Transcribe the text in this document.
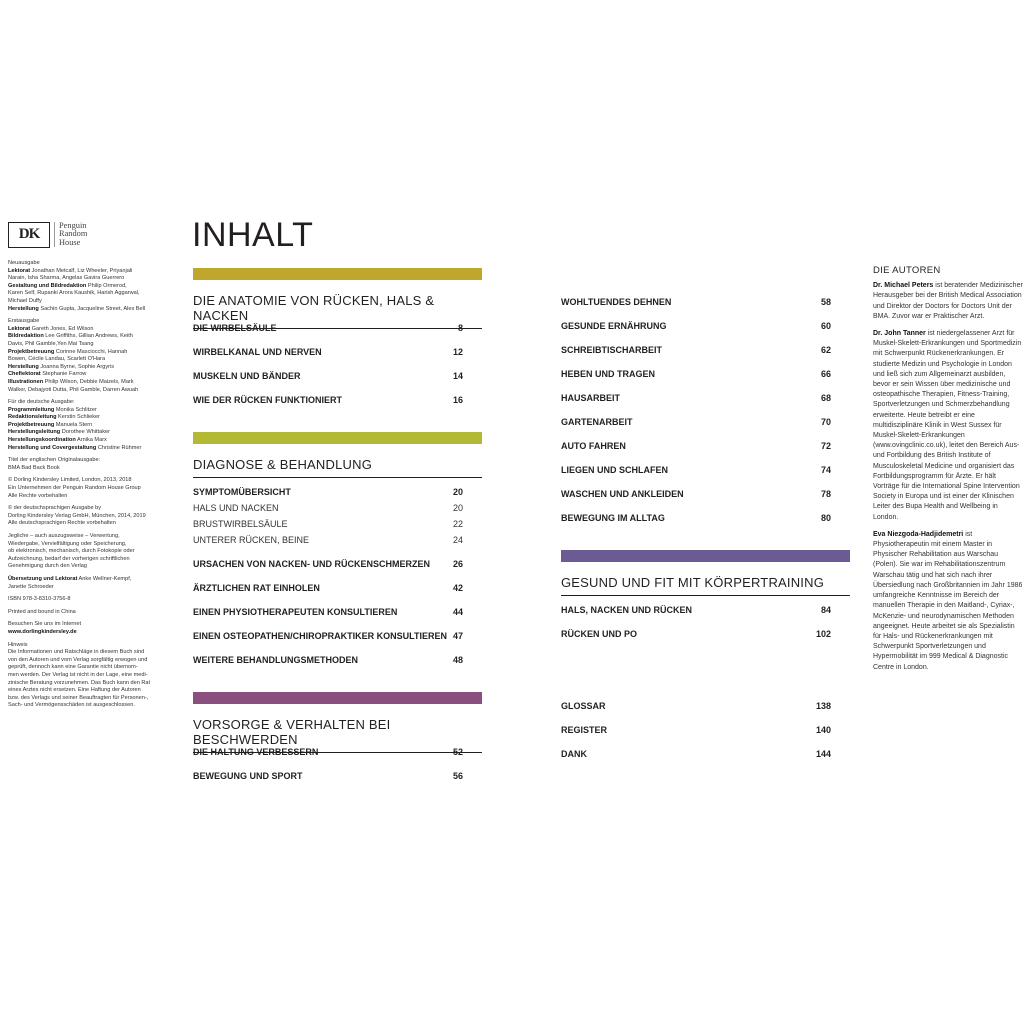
DK
Penguin
Random
House
Neuausgabe
Lektorat Jonathan Metcalf, Liz Wheeler, Priyanjali
Narain, Isha Sharma, Angelas Gavira Guerrero
Gestaltung und Bildredaktion Philip Ormerod,
Karen Self, Rupanki Arora Kaushik, Harish Aggarwal,
Michael Duffy
Herstellung Sachin Gupta, Jacqueline Street, Alex Bell
Erstausgabe
Lektorat Gareth Jones, Ed Wilson
Bildredaktion Lee Griffiths, Gillian Andrews, Keith
Davis, Phil Gamble,Yen Mai Tsang
Projektbetreuung Corinne Masciocchi, Hannah
Bowen, Cécile Landau, Scarlett O'Hara
Herstellung Joanna Byrne, Sophie Argyris
Chefiektorat Stephanie Farrow
Illustrationen Philip Wilson, Debbie Maizels, Mark
Walker, Debajyoti Dutta, Phil Gamble, Darren Awuah
Für die deutsche Ausgabe:
Programmleitung Monika Schlitzer
Redaktionsleitung Kerstin Schlieker
Projektbetreuung Manuela Stern
Herstellungsleitung Dorothee Whittaker
Herstellungskoordination Arnika Marx
Herstellung und Covergestaltung Christine Rühmer
Titel der englischen Originalausgabe:
BMA Bad Back Book
© Dorling Kindersley Limited, London, 2013, 2018
Ein Unternehmen der Penguin Random House Group
Alle Rechte vorbehalten
© der deutschsprachigen Ausgabe by
Dorling Kindersley Verlag GmbH, München, 2014, 2019
Alle deutschsprachigen Rechte vorbehalten
Jegliche – auch auszugsweise – Verwertung,
Wiedergabe, Vervielfältigung oder Speicherung,
ob elektronisch, mechanisch, durch Fotokopie oder
Aufzeichnung, bedarf der vorherigen schriftlichen
Genehmigung durch den Verlag
Übersetzung und Lektorat Anke Wellner-Kempf,
Janette Schroeder
ISBN 978-3-8310-3756-8
Printed and bound in China
Besuchen Sie uns im Internet
www.dorlingkindersley.de
Hinweis
Die Informationen und Ratschläge in diesem Buch sind
von den Autoren und vom Verlag sorgfältig erwogen und
geprüft, dennoch kann eine Garantie nicht übernom-
men werden. Der Verlag ist nicht in der Lage, eine medi-
zinische Beratung vorzunehmen. Das Buch kann den Rat
eines Arztes nicht ersetzen. Eine Haftung der Autoren
bzw. des Verlags und seiner Beauftragten für Personen-,
Sach- und Vermögensschäden ist ausgeschlossen.
INHALT
DIE ANATOMIE VON RÜCKEN, HALS & NACKEN
DIE WIRBELSÄULE	8
WIRBELKANAL UND NERVEN	12
MUSKELN UND BÄNDER	14
WIE DER RÜCKEN FUNKTIONIERT	16
DIAGNOSE & BEHANDLUNG
SYMPTOMÜBERSICHT	20
HALS UND NACKEN	20
BRUSTWIRBELSÄULE	22
UNTERER RÜCKEN, BEINE	24
URSACHEN VON NACKEN- UND RÜCKENSCHMERZEN	26
ÄRZTLICHEN RAT EINHOLEN	42
EINEN PHYSIOTHERAPEUTEN KONSULTIEREN	44
EINEN OSTEOPATHEN/CHIROPRAKTIKER KONSULTIEREN 47
WEITERE BEHANDLUNGSMETHODEN	48
VORSORGE & VERHALTEN BEI BESCHWERDEN
DIE HALTUNG VERBESSERN	52
BEWEGUNG UND SPORT	56
WOHLTUENDES DEHNEN	58
GESUNDE ERNÄHRUNG	60
SCHREIBTISCHARBEIT	62
HEBEN UND TRAGEN	66
HAUSARBEIT	68
GARTENARBEIT	70
AUTO FAHREN	72
LIEGEN UND SCHLAFEN	74
WASCHEN UND ANKLEIDEN	78
BEWEGUNG IM ALLTAG	80
GESUND UND FIT MIT KÖRPERTRAINING
HALS, NACKEN UND RÜCKEN	84
RÜCKEN UND PO	102
GLOSSAR	138
REGISTER	140
DANK	144
DIE AUTOREN
Dr. Michael Peters ist beratender Medizinischer Herausgeber bei der British Medical Association und Direktor der Doctors for Doctors Unit der BMA. Zuvor war er Praktischer Arzt.
Dr. John Tanner ist niedergelassener Arzt für Muskel-Skelett-Erkrankungen und Sportmedizin mit Schwerpunkt Rückenerkrankungen. Er studierte Medizin und Psychologie in London und ließ sich zum Allgemeinarzt ausbilden, bevor er sein Wissen über medizinische und osteopathische Therapien, Fitness-Training, Sportverletzungen und Schmerzbehandlung erweiterte. Heute betreibt er eine multidisziplinäre Klinik in West Sussex für Muskel-Skelett-Erkrankungen (www.ovingclinic.co.uk), leitet den Bereich Aus- und Fortbildung des British Institute of Musculoskeletal Medicine und organisiert das Fortbildungsprogramm für Ärzte. Er hält Vorträge für die International Spine Intervention Society in Europa und ist einer der Klinischen Leiter des Bupa Health and Wellbeing in London.
Eva Niezgoda-Hadjidemetri ist Physiotherapeutin mit einem Master in Physischer Rehabilitation aus Warschau (Polen). Sie war im Rehabilitationszentrum Warschau tätig und hat sich nach ihrer Übersiedlung nach Großbritannien im Jahr 1986 umfangreiche Kenntnisse im Bereich der manuellen Therapie in den Maitland-, Cyriax-, McKenzie- und neurodynamischen Methoden angeeignet. Heute arbeitet sie als Spezialistin für Hals- und Rückenerkrankungen mit Schwerpunkt Sportverletzungen und Hypermobilität im 999 Medical & Diagnostic Centre in London.
